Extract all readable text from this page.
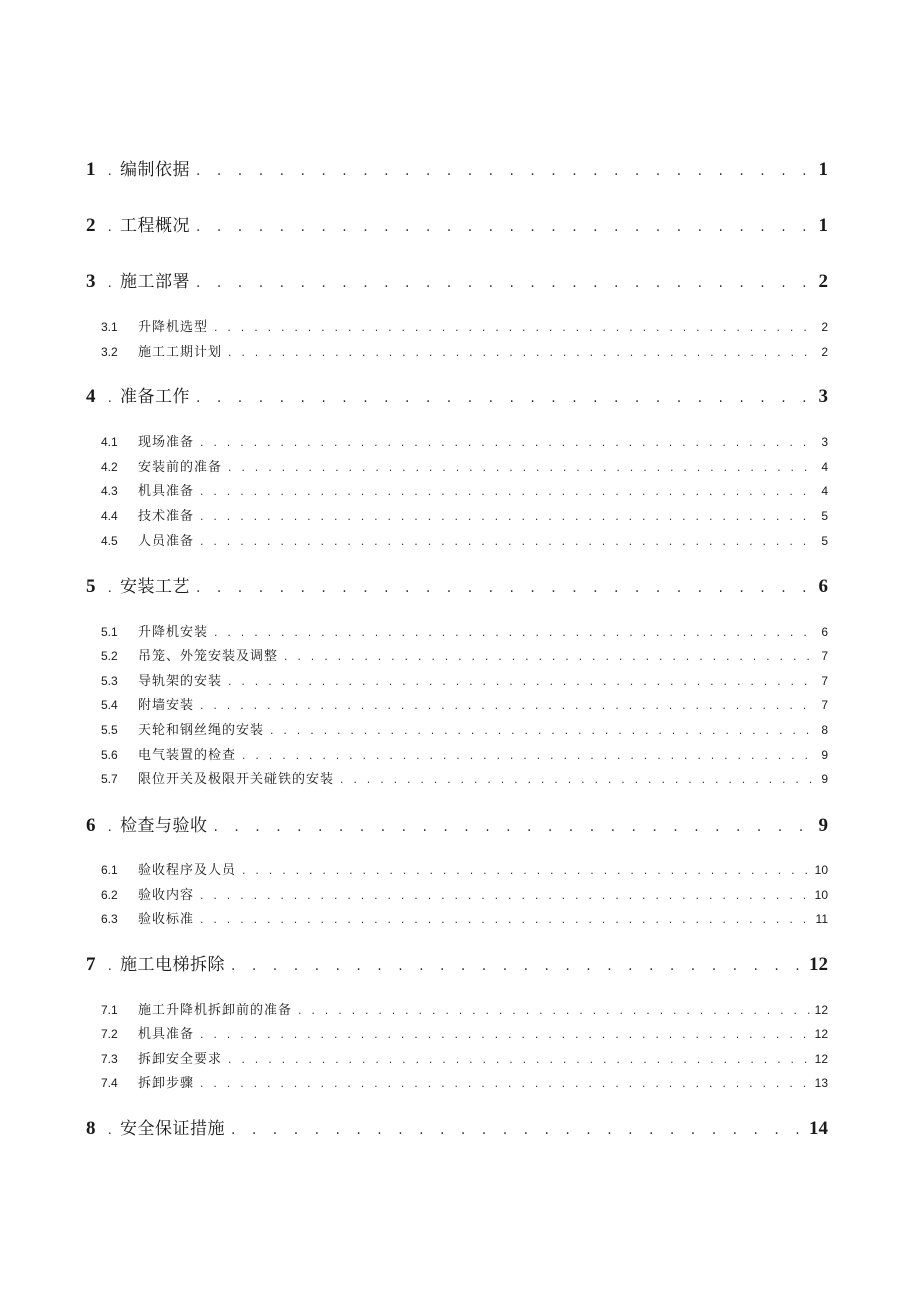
1 . 编制依据 . . .	1
2 . 工程概况 . . .	1
3 . 施工部署 . . .	2
3.1	升降机选型 . . .	2
3.2	施工工期计划 . . .	2
4 . 准备工作 . . .	3
4.1	现场准备 . . .	3
4.2	安装前的准备 . . .	4
4.3	机具准备 . . .	4
4.4	技术准备 . . .	5
4.5	人员准备 . . .	5
5 . 安装工艺 . . .	6
5.1	升降机安装 . . .	6
5.2	吊笼、外笼安装及调整 . . .	7
5.3	导轨架的安装 . . .	7
5.4	附墙安装 . . .	7
5.5	天轮和钢丝绳的安装 . . .	8
5.6	电气装置的检查 . . .	9
5.7	限位开关及极限开关碰铁的安装 . . .	9
6 . 检查与验收 . . .	9
6.1	验收程序及人员 . . .	10
6.2	验收内容 . . .	10
6.3	验收标准 . . .	11
7 . 施工电梯拆除 . . .	12
7.1	施工升降机拆卸前的准备 . . .	12
7.2	机具准备 . . .	12
7.3	拆卸安全要求 . . .	12
7.4	拆卸步骤 . . .	13
8 . 安全保证措施 . . .	14
